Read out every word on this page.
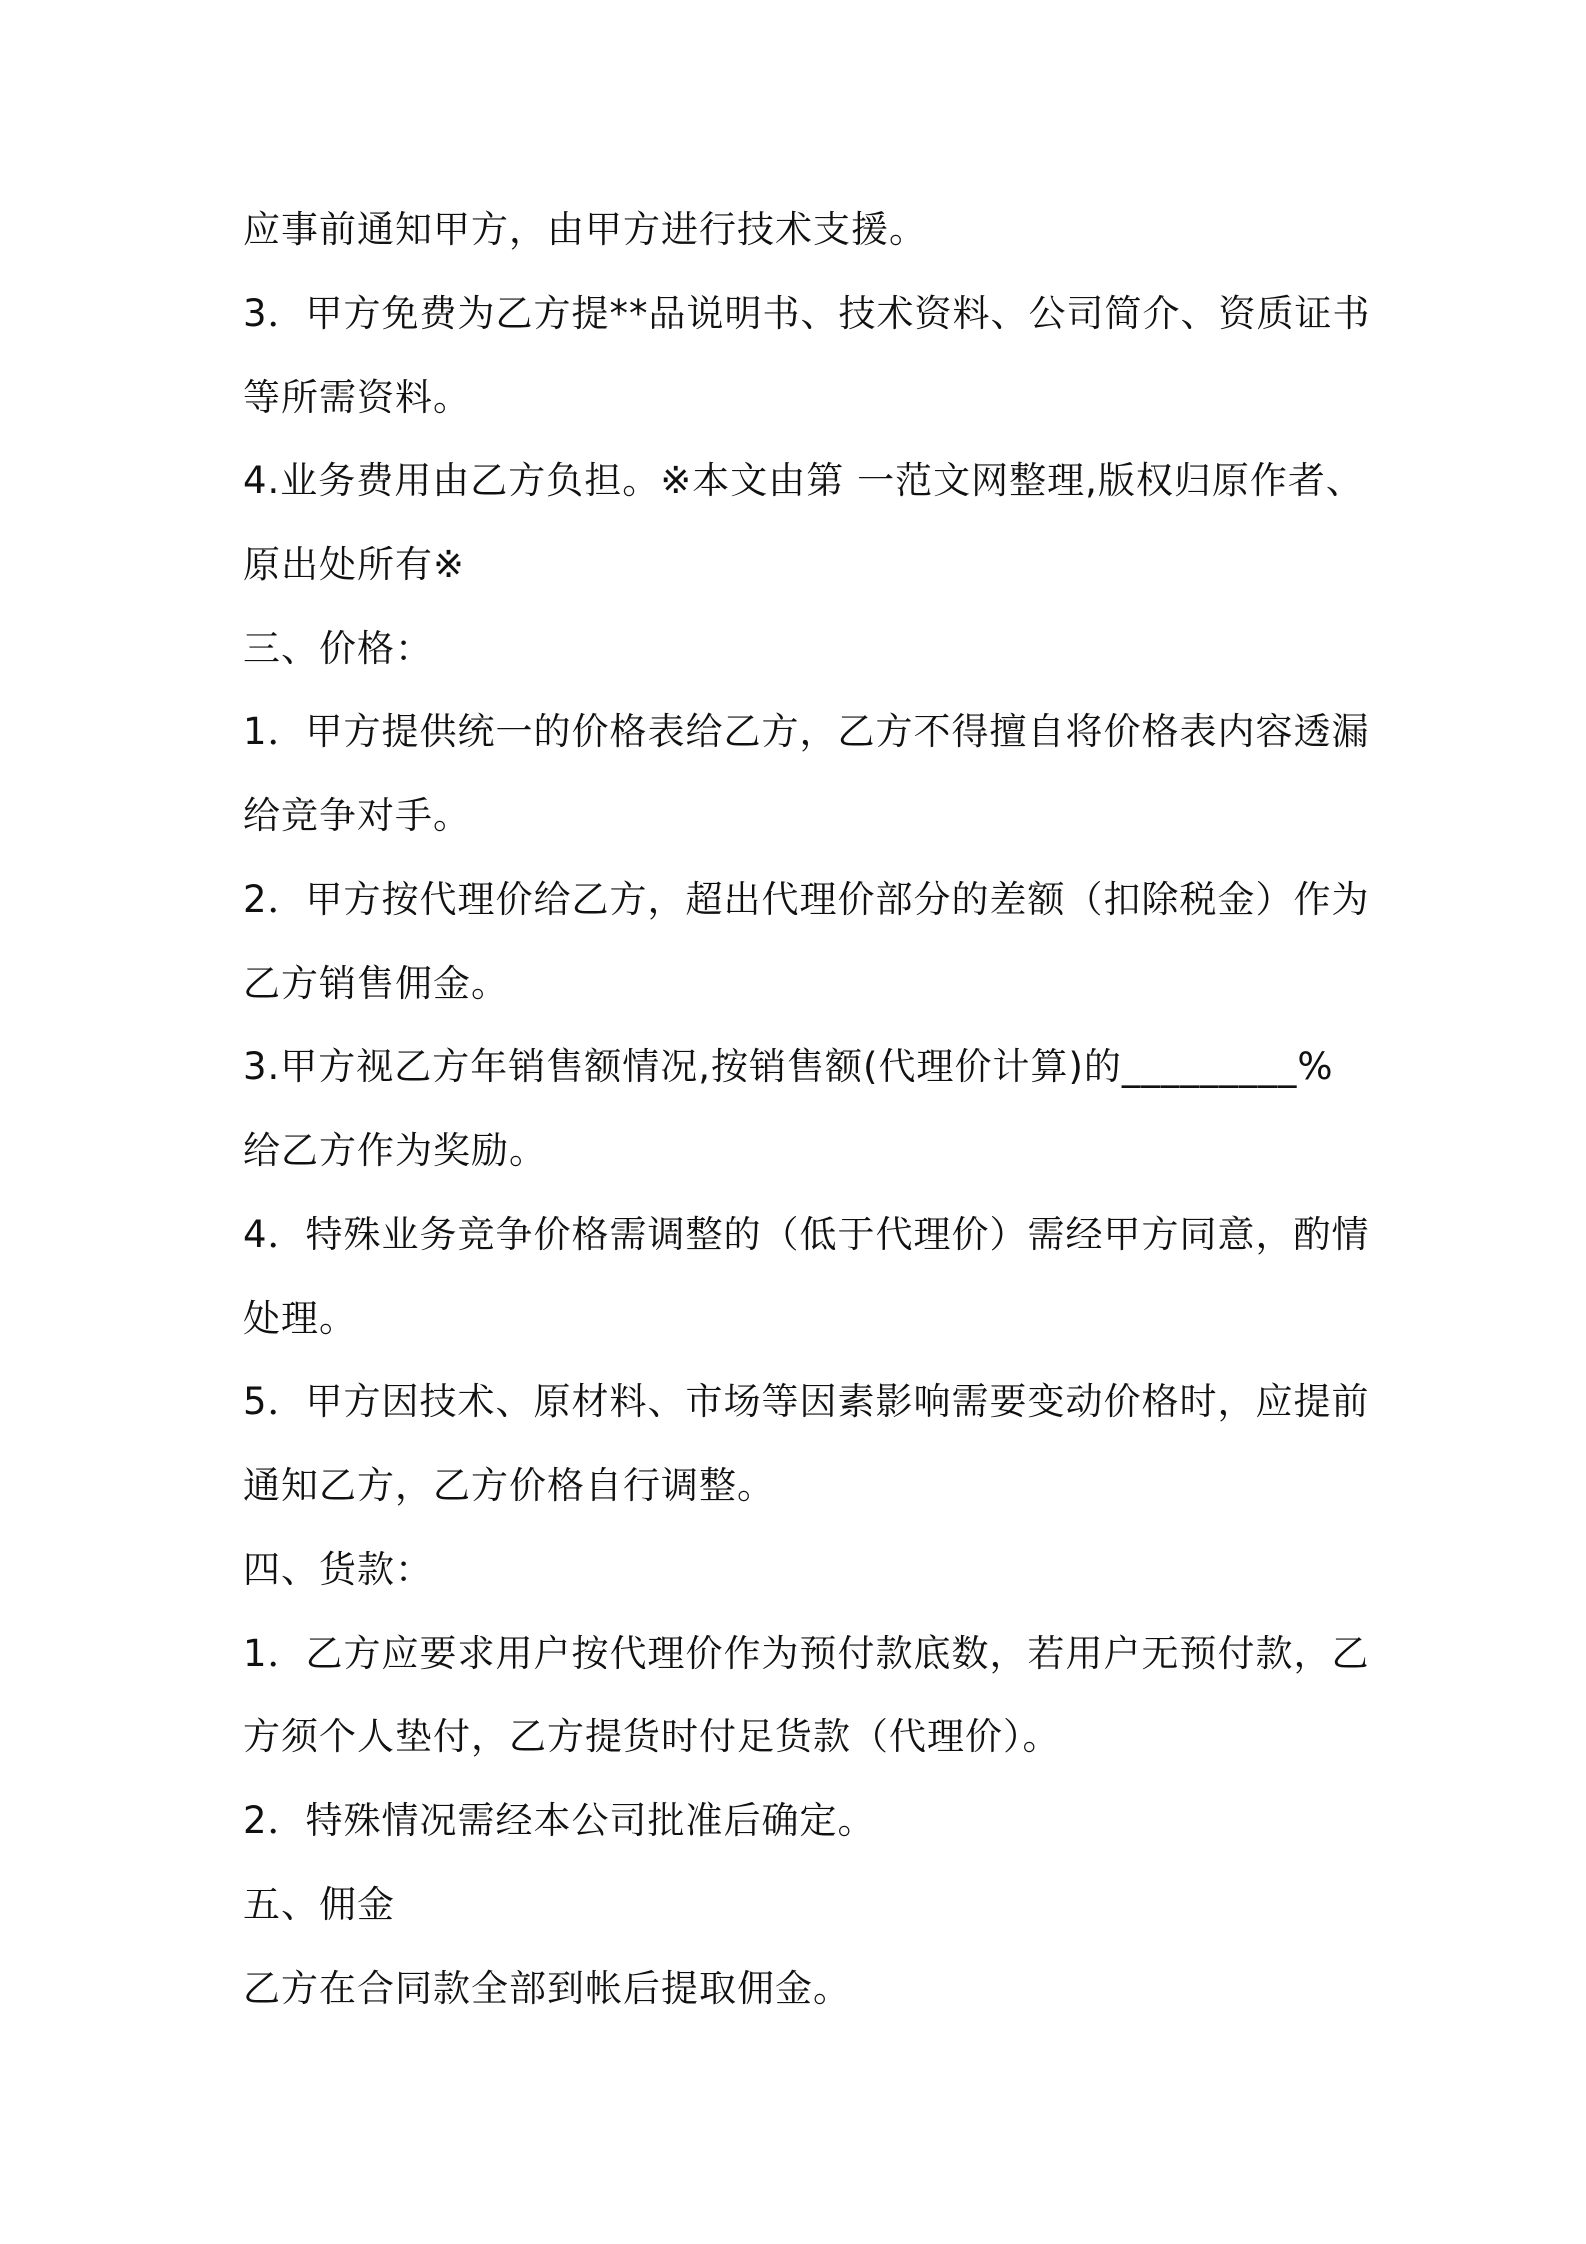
应事前通知甲方，由甲方进行技术支援。
3．甲方免费为乙方提**品说明书、技术资料、公司简介、资质证书
等所需资料。
4.业务费用由乙方负担。※本文由第 一范文网整理,版权归原作者、
原出处所有※
三、价格：
1．甲方提供统一的价格表给乙方，乙方不得擅自将价格表内容透漏
给竞争对手。
2．甲方按代理价给乙方，超出代理价部分的差额（扣除税金）作为
乙方销售佣金。
3.甲方视乙方年销售额情况,按销售额(代理价计算)的_________%
给乙方作为奖励。
4．特殊业务竞争价格需调整的（低于代理价）需经甲方同意，酌情
处理。
5．甲方因技术、原材料、市场等因素影响需要变动价格时，应提前
通知乙方，乙方价格自行调整。
四、货款：
1．乙方应要求用户按代理价作为预付款底数，若用户无预付款，乙
方须个人垫付，乙方提货时付足货款（代理价）。
2．特殊情况需经本公司批准后确定。
五、佣金
乙方在合同款全部到帐后提取佣金。
